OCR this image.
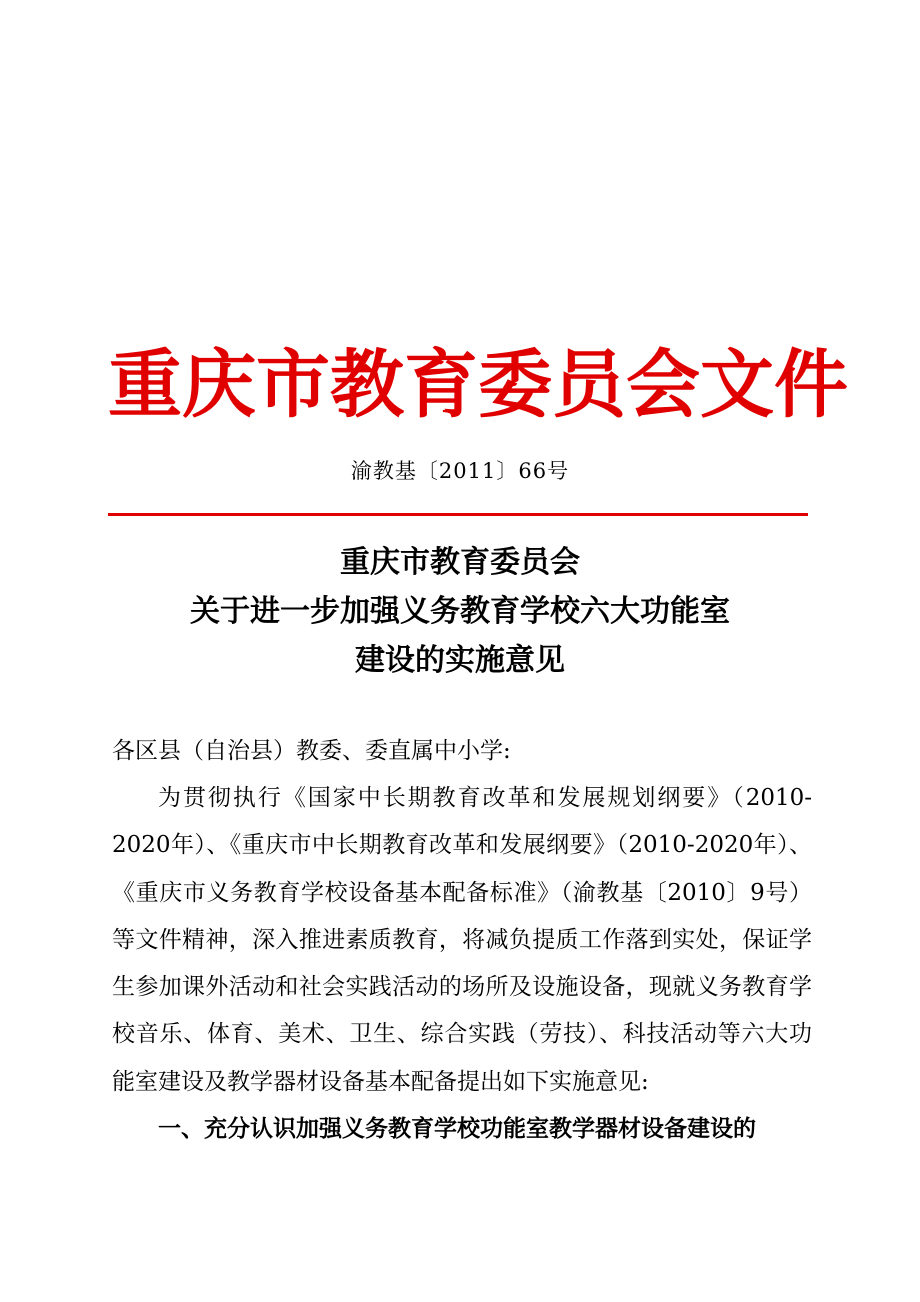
重庆市教育委员会文件
渝教基〔2011〕66号
重庆市教育委员会
关于进一步加强义务教育学校六大功能室
建设的实施意见
各区县（自治县）教委、委直属中小学:
为贯彻执行《国家中长期教育改革和发展规划纲要》（2010-2020年）、《重庆市中长期教育改革和发展纲要》（2010-2020年）、《重庆市义务教育学校设备基本配备标准》（渝教基〔2010〕9号）等文件精神，深入推进素质教育，将减负提质工作落到实处，保证学生参加课外活动和社会实践活动的场所及设施设备，现就义务教育学校音乐、体育、美术、卫生、综合实践（劳技）、科技活动等六大功能室建设及教学器材设备基本配备提出如下实施意见:
一、充分认识加强义务教育学校功能室教学器材设备建设的
